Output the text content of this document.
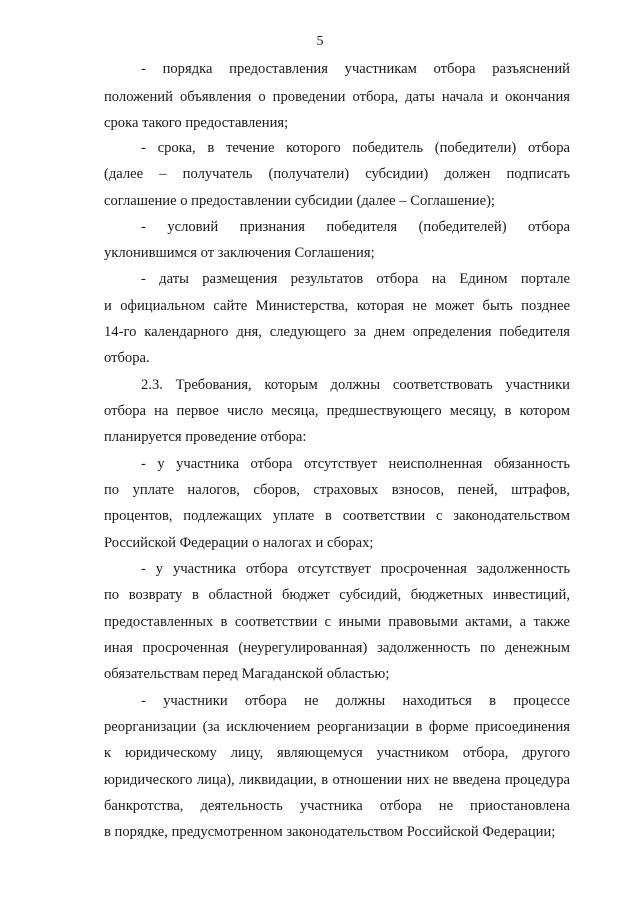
5
- порядка предоставления участникам отбора разъяснений
положений объявления о проведении отбора, даты начала и окончания
срока такого предоставления;
- срока, в течение которого победитель (победители) отбора
(далее – получатель (получатели) субсидии) должен подписать
соглашение о предоставлении субсидии (далее – Соглашение);
- условий признания победителя (победителей) отбора
уклонившимся от заключения Соглашения;
- даты размещения результатов отбора на Едином портале
и официальном сайте Министерства, которая не может быть позднее
14-го календарного дня, следующего за днем определения победителя
отбора.
2.3. Требования, которым должны соответствовать участники
отбора на первое число месяца, предшествующего месяцу, в котором
планируется проведение отбора:
- у участника отбора отсутствует неисполненная обязанность
по уплате налогов, сборов, страховых взносов, пеней, штрафов,
процентов, подлежащих уплате в соответствии с законодательством
Российской Федерации о налогах и сборах;
- у участника отбора отсутствует просроченная задолженность
по возврату в областной бюджет субсидий, бюджетных инвестиций,
предоставленных в соответствии с иными правовыми актами, а также
иная просроченная (неурегулированная) задолженность по денежным
обязательствам перед Магаданской областью;
- участники отбора не должны находиться в процессе
реорганизации (за исключением реорганизации в форме присоединения
к юридическому лицу, являющемуся участником отбора, другого
юридического лица), ликвидации, в отношении них не введена процедура
банкротства, деятельность участника отбора не приостановлена
в порядке, предусмотренном законодательством Российской Федерации;
